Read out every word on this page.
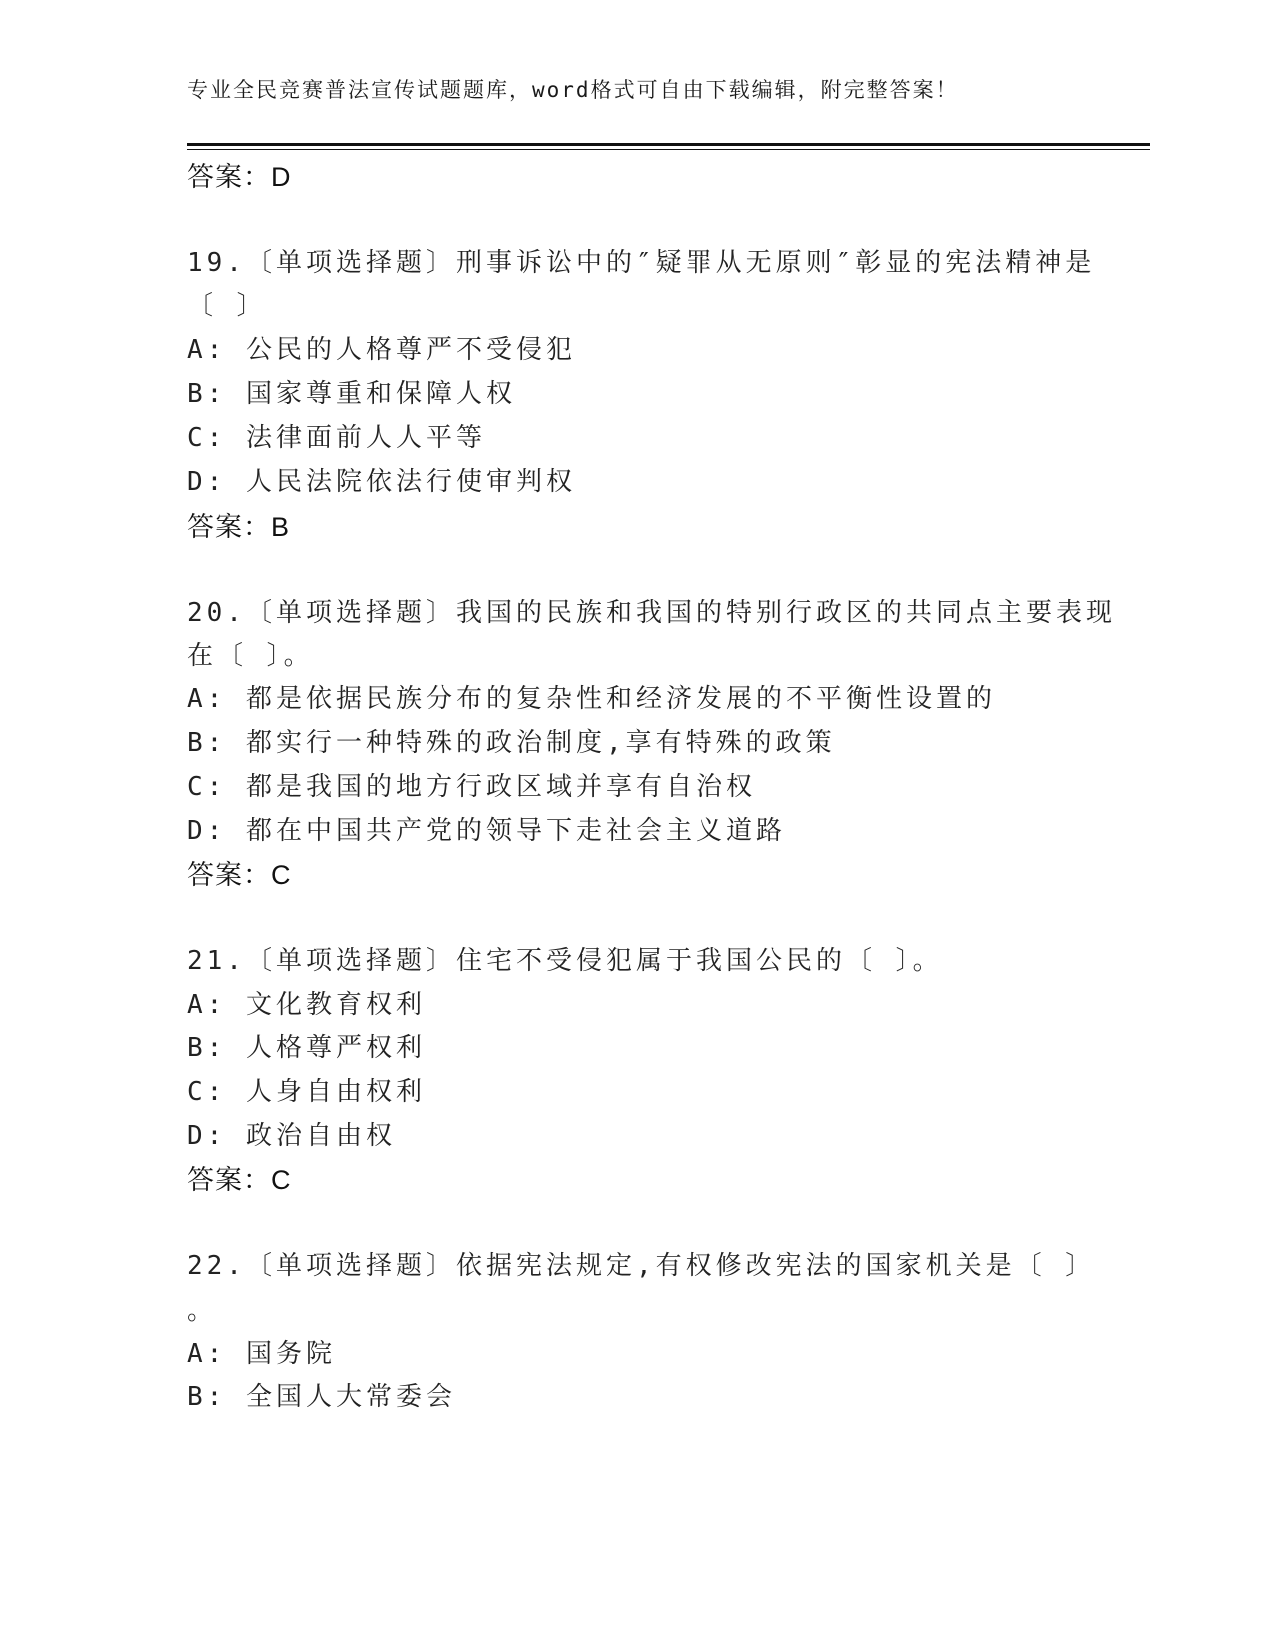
专业全民竞赛普法宣传试题题库，word格式可自由下载编辑，附完整答案！
答案：D
19.〔单项选择题〕刑事诉讼中的″疑罪从无原则″彰显的宪法精神是
〔 〕
A: 公民的人格尊严不受侵犯
B: 国家尊重和保障人权
C: 法律面前人人平等
D: 人民法院依法行使审判权
答案：B
20.〔单项选择题〕我国的民族和我国的特别行政区的共同点主要表现
在〔 〕。
A: 都是依据民族分布的复杂性和经济发展的不平衡性设置的
B: 都实行一种特殊的政治制度,享有特殊的政策
C: 都是我国的地方行政区域并享有自治权
D: 都在中国共产党的领导下走社会主义道路
答案：C
21.〔单项选择题〕住宅不受侵犯属于我国公民的〔 〕。
A: 文化教育权利
B: 人格尊严权利
C: 人身自由权利
D: 政治自由权
答案：C
22.〔单项选择题〕依据宪法规定,有权修改宪法的国家机关是〔 〕
。
A: 国务院
B: 全国人大常委会
